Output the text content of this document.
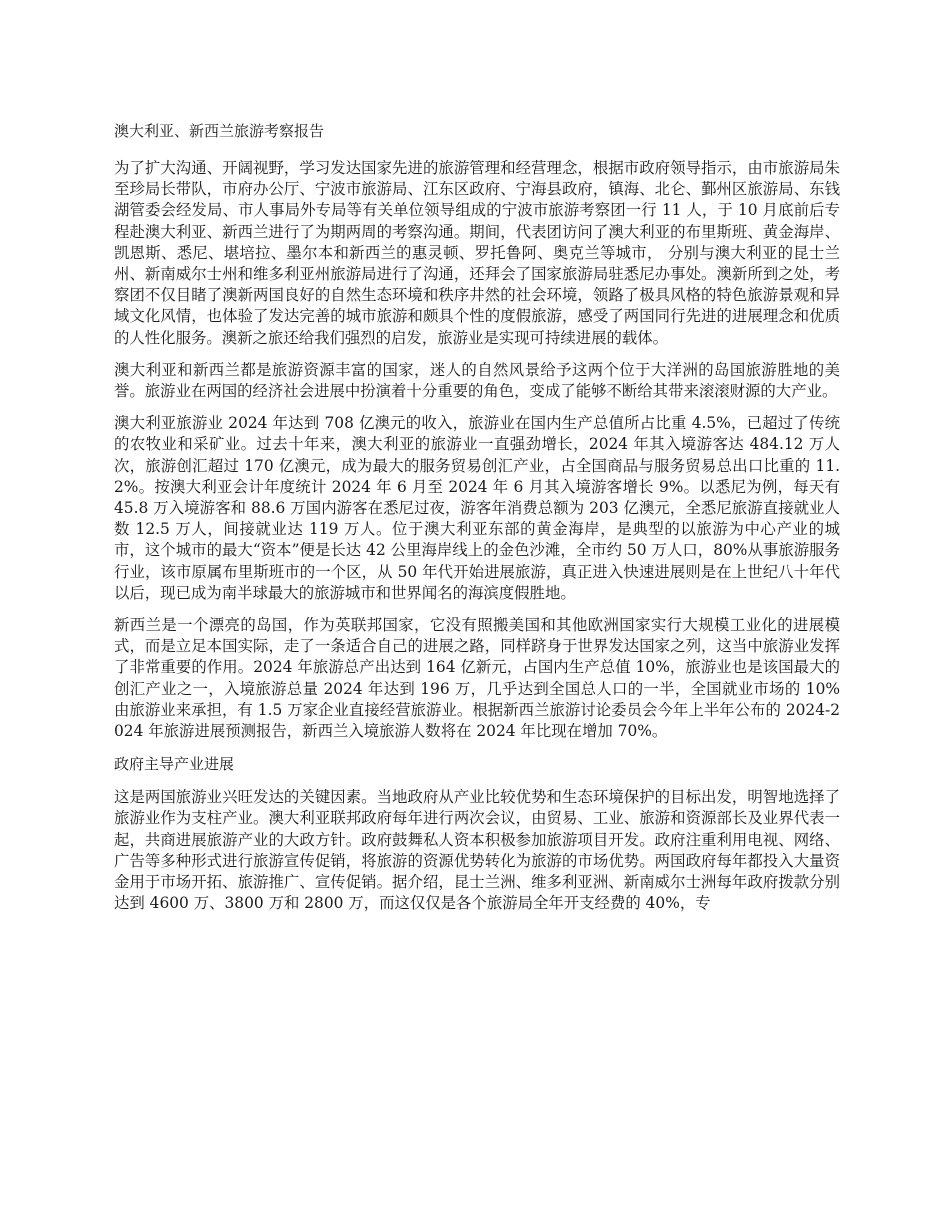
澳大利亚、新西兰旅游考察报告

为了扩大沟通、开阔视野，学习发达国家先进的旅游管理和经营理念，根据市政府领导指示，由市旅游局朱至珍局长带队，市府办公厅、宁波市旅游局、江东区政府、宁海县政府，镇海、北仑、鄞州区旅游局、东钱湖管委会经发局、市人事局外专局等有关单位领导组成的宁波市旅游考察团一行 11 人，于 10 月底前后专程赴澳大利亚、新西兰进行了为期两周的考察沟通。期间，代表团访问了澳大利亚的布里斯班、黄金海岸、凯恩斯、悉尼、堪培拉、墨尔本和新西兰的惠灵顿、罗托鲁阿、奥克兰等城市， 分别与澳大利亚的昆士兰州、新南威尔士州和维多利亚州旅游局进行了沟通，还拜会了国家旅游局驻悉尼办事处。澳新所到之处，考察团不仅目睹了澳新两国良好的自然生态环境和秩序井然的社会环境，领路了极具风格的特色旅游景观和异域文化风情，也体验了发达完善的城市旅游和颇具个性的度假旅游，感受了两国同行先进的进展理念和优质的人性化服务。澳新之旅还给我们强烈的启发，旅游业是实现可持续进展的载体。

澳大利亚和新西兰都是旅游资源丰富的国家，迷人的自然风景给予这两个位于大洋洲的岛国旅游胜地的美誉。旅游业在两国的经济社会进展中扮演着十分重要的角色，变成了能够不断给其带来滚滚财源的大产业。

澳大利亚旅游业 2024 年达到 708 亿澳元的收入，旅游业在国内生产总值所占比重 4.5%，已超过了传统的农牧业和采矿业。过去十年来，澳大利亚的旅游业一直强劲增长，2024 年其入境游客达 484.12 万人次，旅游创汇超过 170 亿澳元，成为最大的服务贸易创汇产业，占全国商品与服务贸易总出口比重的 11.2%。按澳大利亚会计年度统计 2024 年 6 月至 2024 年 6 月其入境游客增长 9%。以悉尼为例，每天有 45.8 万入境游客和 88.6 万国内游客在悉尼过夜，游客年消费总额为 203 亿澳元，全悉尼旅游直接就业人数 12.5 万人，间接就业达 119 万人。位于澳大利亚东部的黄金海岸，是典型的以旅游为中心产业的城市，这个城市的最大“资本”便是长达 42 公里海岸线上的金色沙滩，全市约 50 万人口，80%从事旅游服务行业，该市原属布里斯班市的一个区，从 50 年代开始进展旅游，真正进入快速进展则是在上世纪八十年代以后，现已成为南半球最大的旅游城市和世界闻名的海滨度假胜地。

新西兰是一个漂亮的岛国，作为英联邦国家，它没有照搬美国和其他欧洲国家实行大规模工业化的进展模式，而是立足本国实际，走了一条适合自己的进展之路，同样跻身于世界发达国家之列，这当中旅游业发挥了非常重要的作用。2024 年旅游总产出达到 164 亿新元，占国内生产总值 10%，旅游业也是该国最大的创汇产业之一，入境旅游总量 2024 年达到 196 万，几乎达到全国总人口的一半，全国就业市场的 10%由旅游业来承担，有 1.5 万家企业直接经营旅游业。根据新西兰旅游讨论委员会今年上半年公布的 2024-2024 年旅游进展预测报告，新西兰入境旅游人数将在 2024 年比现在增加 70%。

政府主导产业进展

这是两国旅游业兴旺发达的关键因素。当地政府从产业比较优势和生态环境保护的目标出发，明智地选择了旅游业作为支柱产业。澳大利亚联邦政府每年进行两次会议，由贸易、工业、旅游和资源部长及业界代表一起，共商进展旅游产业的大政方针。政府鼓舞私人资本积极参加旅游项目开发。政府注重利用电视、网络、广告等多种形式进行旅游宣传促销，将旅游的资源优势转化为旅游的市场优势。两国政府每年都投入大量资金用于市场开拓、旅游推广、宣传促销。据介绍，昆士兰洲、维多利亚洲、新南威尔士洲每年政府拨款分别达到 4600 万、3800 万和 2800 万，而这仅仅是各个旅游局全年开支经费的 40%，专
